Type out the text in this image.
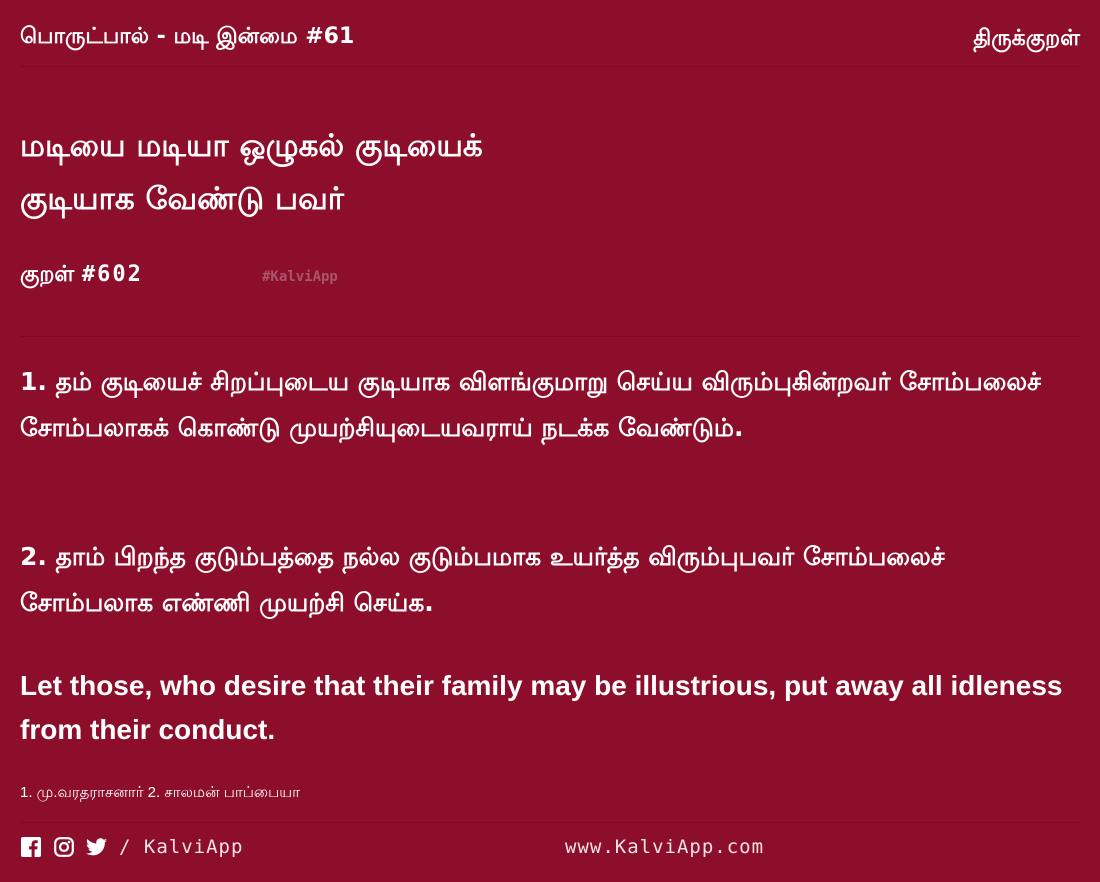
பொருட்பால் - மடி இன்மை #61	திருக்குறள்
மடியை மடியா ஒழுகல் குடியைக்
குடியாக வேண்டு பவர்
குறள் #602	#KalviApp
1. தம் குடியைச் சிறப்புடைய குடியாக விளங்குமாறு செய்ய விரும்புகின்றவர் சோம்பலைச் சோம்பலாகக் கொண்டு முயற்சியுடையவராய் நடக்க வேண்டும்.
2. தாம் பிறந்த குடும்பத்தை நல்ல குடும்பமாக உயர்த்த விரும்புபவர் சோம்பலைச் சோம்பலாக எண்ணி முயற்சி செய்க.
Let those, who desire that their family may be illustrious, put away all idleness from their conduct.
1. மு.வரதராசனார் 2. சாலமன் பாப்பையா
/ KalviApp	www.KalviApp.com
